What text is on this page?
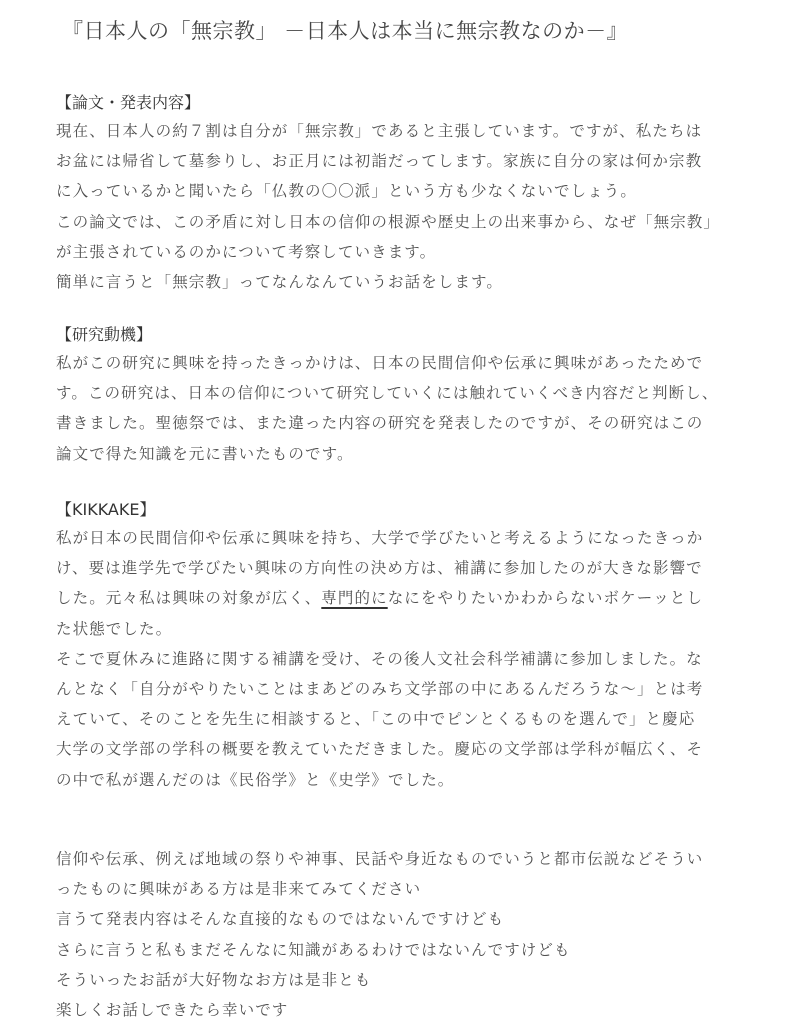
『日本人の「無宗教」 －日本人は本当に無宗教なのか－』
【論文・発表内容】

現在、日本人の約７割は自分が「無宗教」であると主張しています。ですが、私たちは

お盆には帰省して墓参りし、お正月には初詣だってします。家族に自分の家は何か宗教

に入っているかと聞いたら「仏教の〇〇派」という方も少なくないでしょう。

この論文では、この矛盾に対し日本の信仰の根源や歴史上の出来事から、なぜ「無宗教」

が主張されているのかについて考察していきます。

簡単に言うと「無宗教」ってなんなんていうお話をします。

【研究動機】

私がこの研究に興味を持ったきっかけは、日本の民間信仰や伝承に興味があったためで

す。この研究は、日本の信仰について研究していくには触れていくべき内容だと判断し、

書きました。聖徳祭では、また違った内容の研究を発表したのですが、その研究はこの

論文で得た知識を元に書いたものです。

【KIKKAKE】

私が日本の民間信仰や伝承に興味を持ち、大学で学びたいと考えるようになったきっか

け、要は進学先で学びたい興味の方向性の決め方は、補講に参加したのが大きな影響で

した。元々私は興味の対象が広く、専門的になにをやりたいかわからないボケーッとし

た状態でした。

そこで夏休みに進路に関する補講を受け、その後人文社会科学補講に参加しました。な

んとなく「自分がやりたいことはまあどのみち文学部の中にあるんだろうな～」とは考

えていて、そのことを先生に相談すると、「この中でピンとくるものを選んで」と慶応

大学の文学部の学科の概要を教えていただきました。慶応の文学部は学科が幅広く、そ

の中で私が選んだのは《民俗学》と《史学》でした。

信仰や伝承、例えば地域の祭りや神事、民話や身近なものでいうと都市伝説などそうい

ったものに興味がある方は是非来てみてください

言うて発表内容はそんな直接的なものではないんですけども

さらに言うと私もまだそんなに知識があるわけではないんですけども

そういったお話が大好物なお方は是非とも

楽しくお話しできたら幸いです
